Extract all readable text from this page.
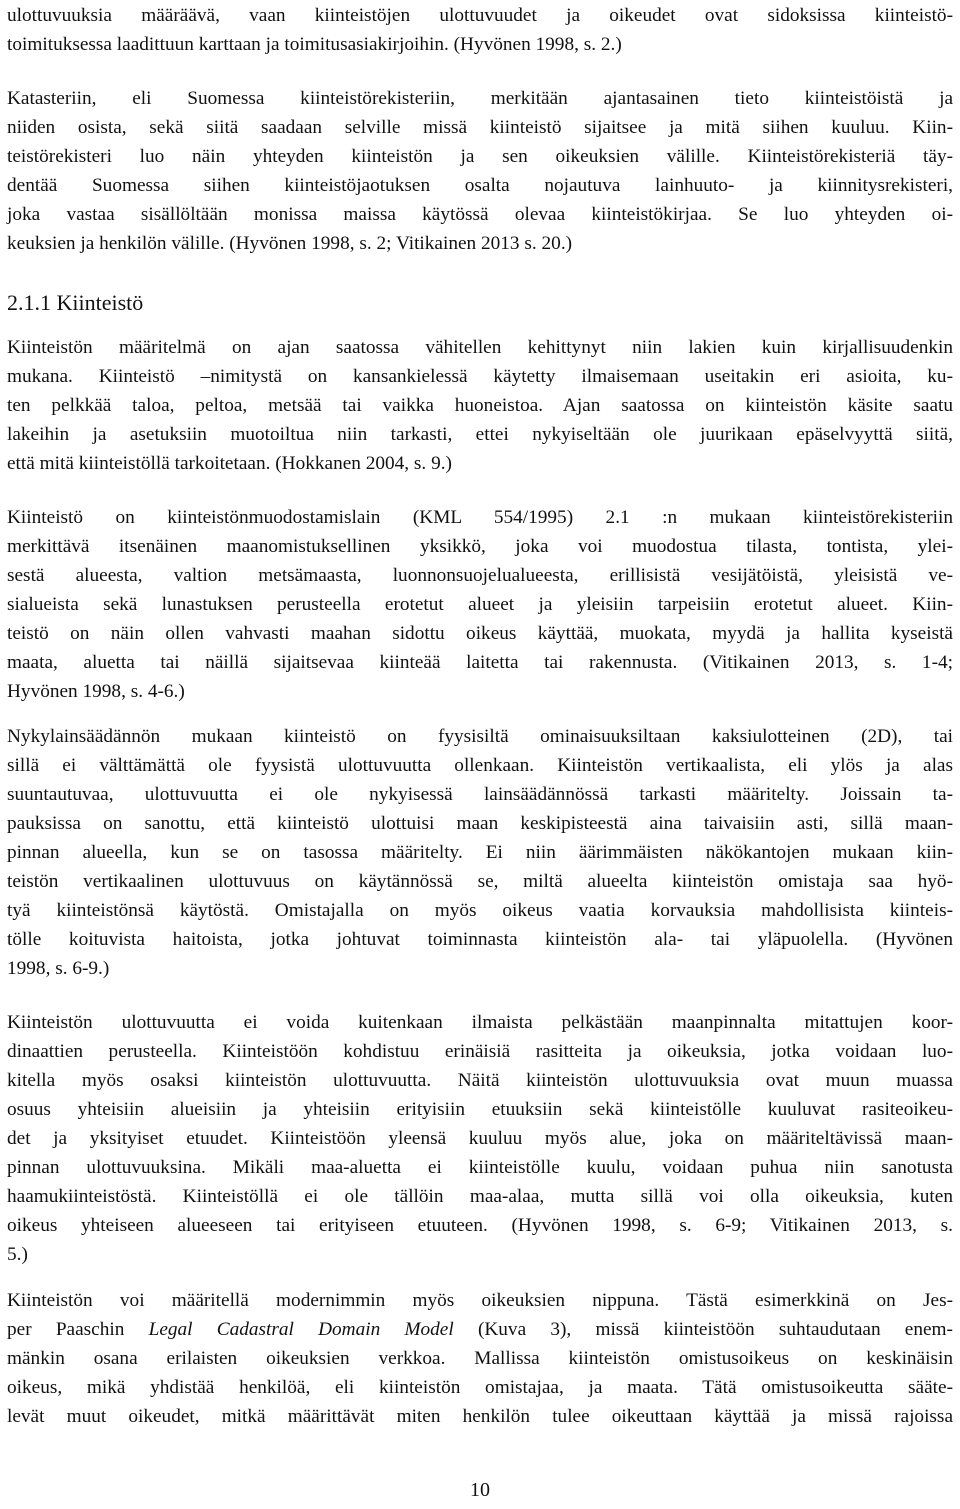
ulottuvuuksia määräävä, vaan kiinteistöjen ulottuvuudet ja oikeudet ovat sidoksissa kiinteistö-
toimituksessa laadittuun karttaan ja toimitusasiakirjoihin. (Hyvönen 1998, s. 2.)
Katasteriin, eli Suomessa kiinteistörekisteriin, merkitään ajantasainen tieto kiinteistöistä ja
niiden osista, sekä siitä saadaan selville missä kiinteistö sijaitsee ja mitä siihen kuuluu. Kiin-
teistörekisteri luo näin yhteyden kiinteistön ja sen oikeuksien välille. Kiinteistörekisteriä täy-
dentää Suomessa siihen kiinteistöjaotuksen osalta nojautuva lainhuuto- ja kiinnitysrekisteri,
joka vastaa sisällöltään monissa maissa käytössä olevaa kiinteistökirjaa. Se luo yhteyden oi-
keuksien ja henkilön välille. (Hyvönen 1998, s. 2; Vitikainen 2013 s. 20.)
2.1.1 Kiinteistö
Kiinteistön määritelmä on ajan saatossa vähitellen kehittynyt niin lakien kuin kirjallisuudenkin
mukana. Kiinteistö –nimitystä on kansankielessä käytetty ilmaisemaan useitakin eri asioita, ku-
ten pelkkää taloa, peltoa, metsää tai vaikka huoneistoa. Ajan saatossa on kiinteistön käsite saatu
lakeihin ja asetuksiin muotoiltua niin tarkasti, ettei nykyiseltään ole juurikaan epäselvyyttä siitä,
että mitä kiinteistöllä tarkoitetaan. (Hokkanen 2004, s. 9.)
Kiinteistö on kiinteistönmuodostamislain (KML 554/1995) 2.1 :n mukaan kiinteistörekisteriin
merkittävä itsenäinen maanomistuksellinen yksikkö, joka voi muodostua tilasta, tontista, ylei-
sestä alueesta, valtion metsämaasta, luonnonsuojelualueesta, erillisistä vesijätöistä, yleisistä ve-
sialueista sekä lunastuksen perusteella erotetut alueet ja yleisiin tarpeisiin erotetut alueet. Kiin-
teistö on näin ollen vahvasti maahan sidottu oikeus käyttää, muokata, myydä ja hallita kyseistä
maata, aluetta tai näillä sijaitsevaa kiinteää laitetta tai rakennusta. (Vitikainen 2013, s. 1-4;
Hyvönen 1998, s. 4-6.)
Nykylainsäädännön mukaan kiinteistö on fyysisiltä ominaisuuksiltaan kaksiulotteinen (2D), tai
sillä ei välttämättä ole fyysistä ulottuvuutta ollenkaan. Kiinteistön vertikaalista, eli ylös ja alas
suuntautuvaa, ulottuvuutta ei ole nykyisessä lainsäädännössä tarkasti määritelty. Joissain ta-
pauksissa on sanottu, että kiinteistö ulottuisi maan keskipisteestä aina taivaisiin asti, sillä maan-
pinnan alueella, kun se on tasossa määritelty. Ei niin äärimmäisten näkökantojen mukaan kiin-
teistön vertikaalinen ulottuvuus on käytännössä se, miltä alueelta kiinteistön omistaja saa hyö-
tyä kiinteistönsä käytöstä. Omistajalla on myös oikeus vaatia korvauksia mahdollisista kiinteis-
tölle koituvista haitoista, jotka johtuvat toiminnasta kiinteistön ala- tai yläpuolella. (Hyvönen
1998, s. 6-9.)
Kiinteistön ulottuvuutta ei voida kuitenkaan ilmaista pelkästään maanpinnalta mitattujen koor-
dinaattien perusteella. Kiinteistöön kohdistuu erinäisiä rasitteita ja oikeuksia, jotka voidaan luo-
kitella myös osaksi kiinteistön ulottuvuutta. Näitä kiinteistön ulottuvuuksia ovat muun muassa
osuus yhteisiin alueisiin ja yhteisiin erityisiin etuuksiin sekä kiinteistölle kuuluvat rasiteoikeu-
det ja yksityiset etuudet. Kiinteistöön yleensä kuuluu myös alue, joka on määriteltävissä maan-
pinnan ulottuvuuksina. Mikäli maa-aluetta ei kiinteistölle kuulu, voidaan puhua niin sanotusta
haamukiinteistöstä. Kiinteistöllä ei ole tällöin maa-alaa, mutta sillä voi olla oikeuksia, kuten
oikeus yhteiseen alueeseen tai erityiseen etuuteen. (Hyvönen 1998, s. 6-9; Vitikainen 2013, s.
5.)
Kiinteistön voi määritellä modernimmin myös oikeuksien nippuna. Tästä esimerkkinä on Jes-
per Paaschin Legal Cadastral Domain Model (Kuva 3), missä kiinteistöön suhtaudutaan enem-
mänkin osana erilaisten oikeuksien verkkoa. Mallissa kiinteistön omistusoikeus on keskinäisin
oikeus, mikä yhdistää henkilöä, eli kiinteistön omistajaa, ja maata. Tätä omistusoikeutta sääte-
levät muut oikeudet, mitkä määrittävät miten henkilön tulee oikeuttaan käyttää ja missä rajoissa
10
